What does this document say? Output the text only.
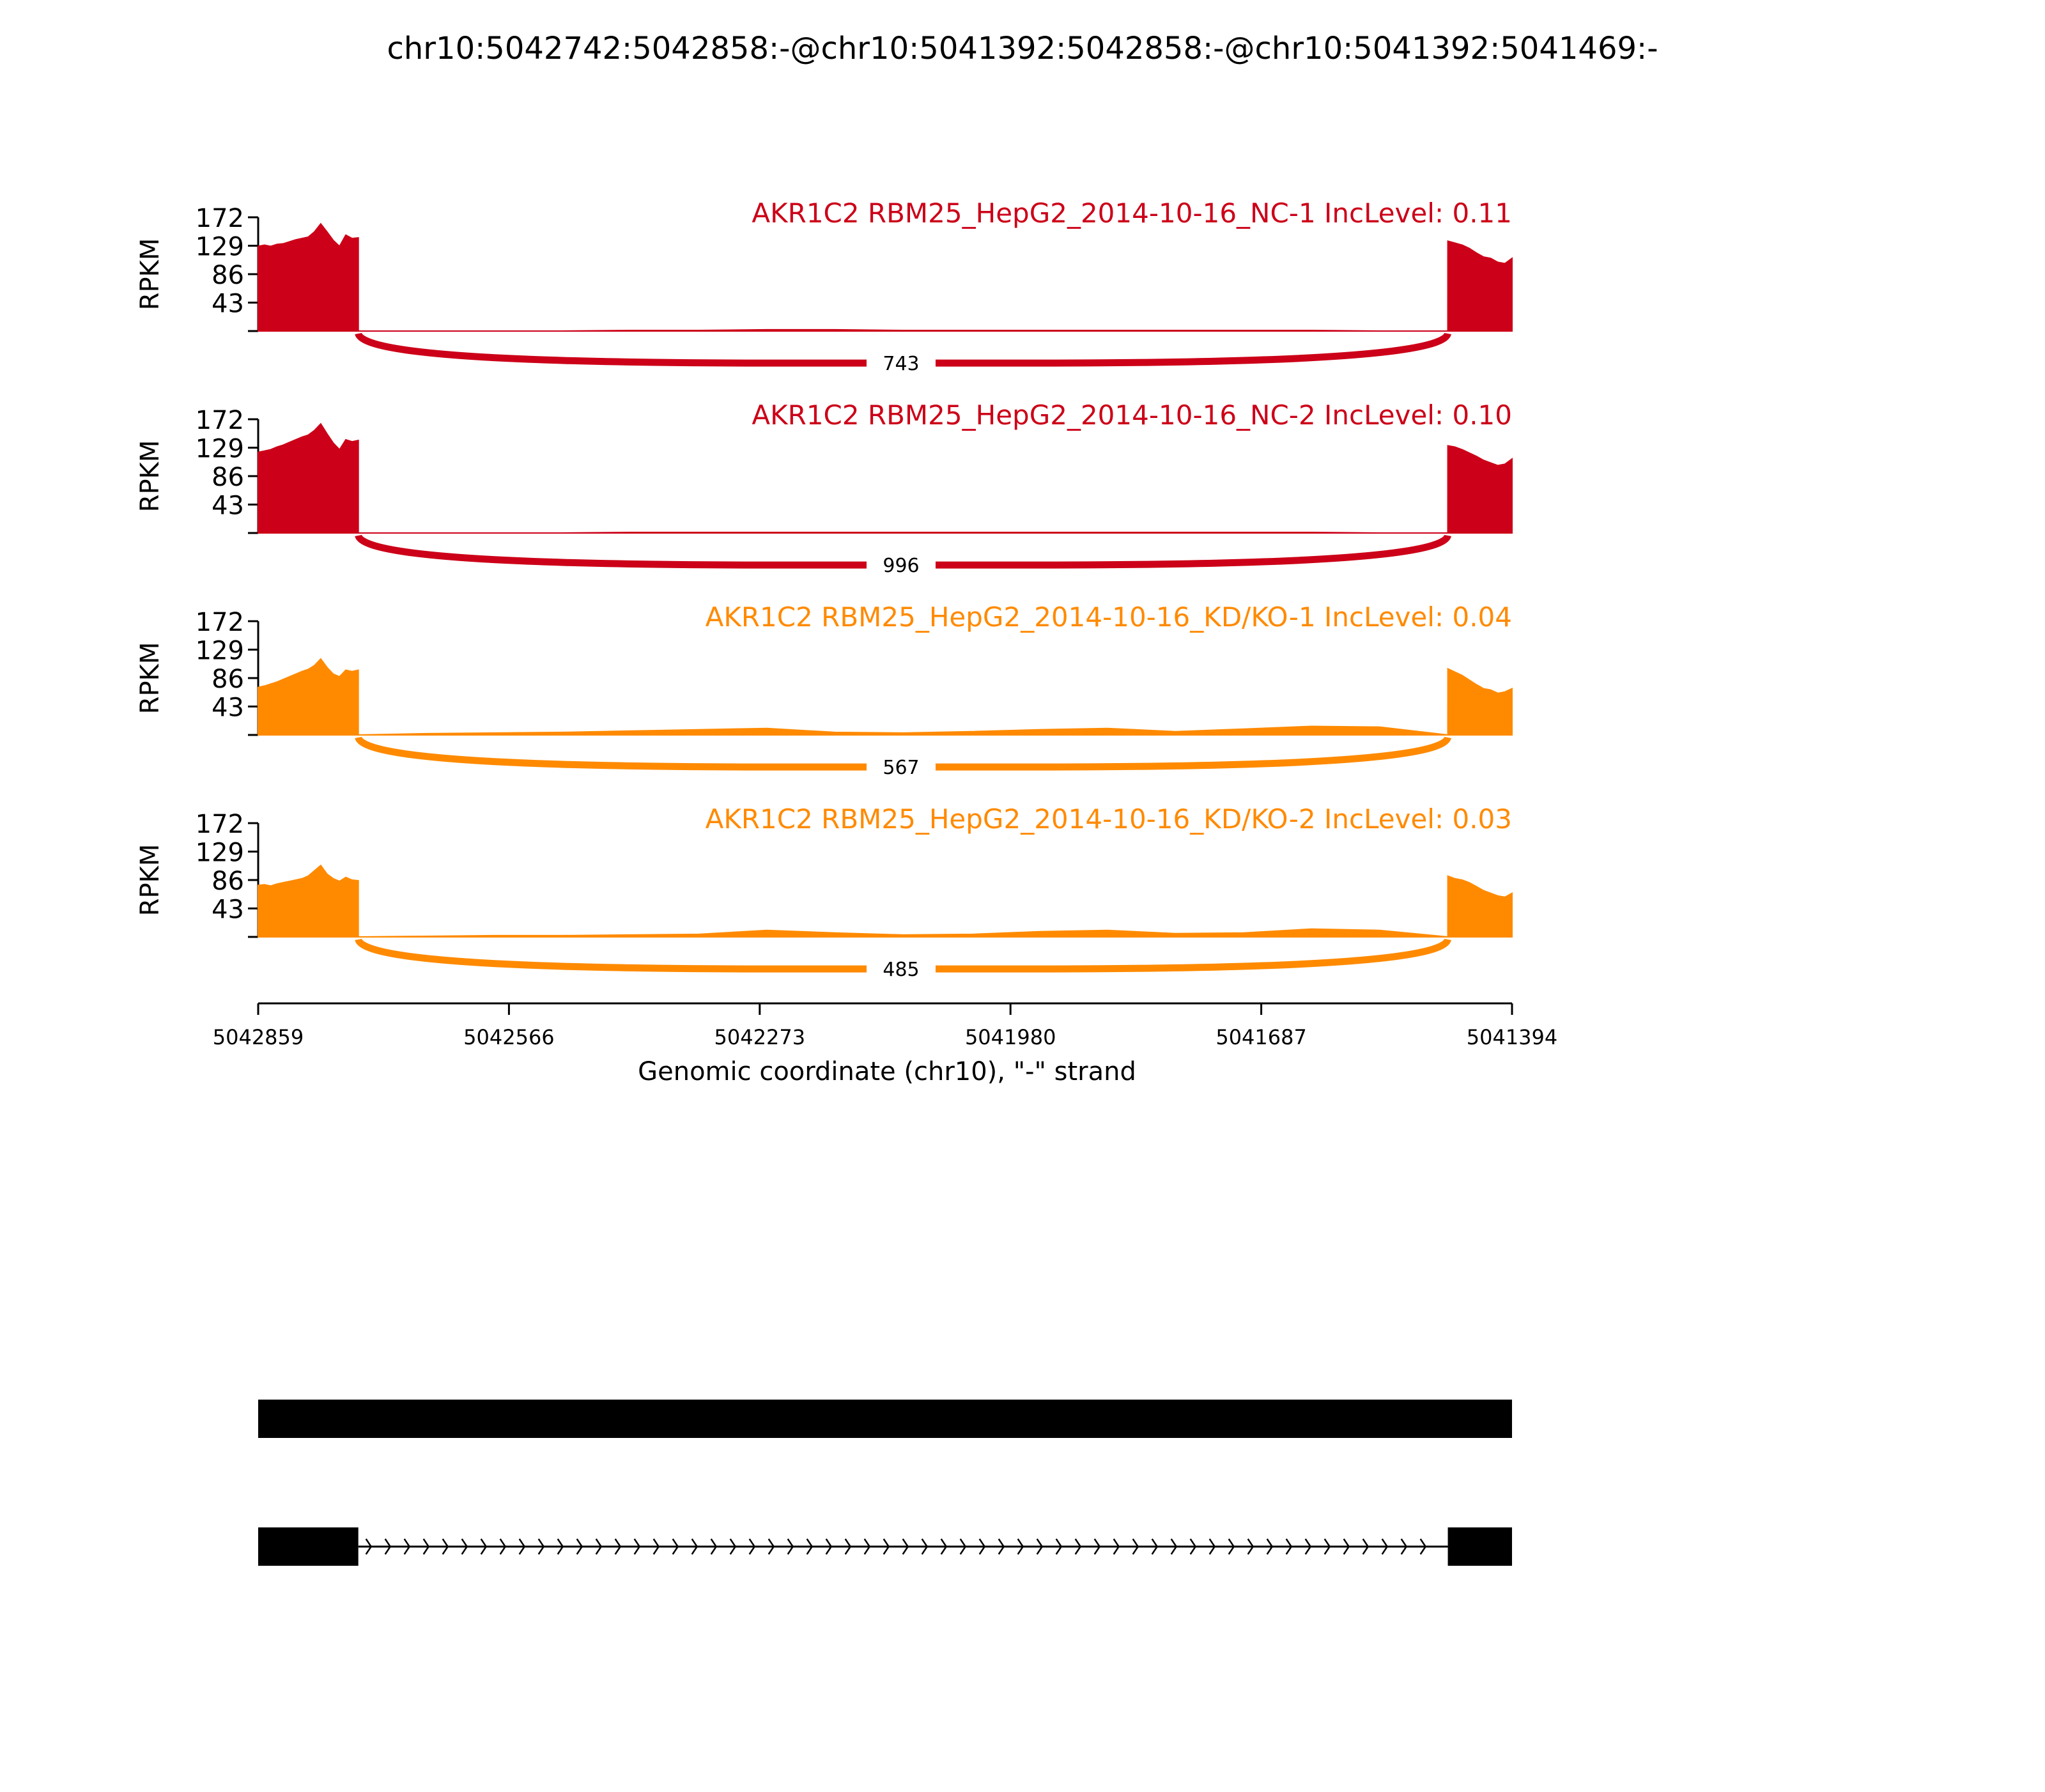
chr10:5042742:5042858:-@chr10:5041392:5042858:-@chr10:5041392:5041469:-
172
129
86
43
RPKM
743
AKR1C2 RBM25_HepG2_2014-10-16_NC-1 IncLevel: 0.11
172
129
86
43
RPKM
996
AKR1C2 RBM25_HepG2_2014-10-16_NC-2 IncLevel: 0.10
172
129
86
43
RPKM
567
AKR1C2 RBM25_HepG2_2014-10-16_KD/KO-1 IncLevel: 0.04
172
129
86
43
RPKM
485
AKR1C2 RBM25_HepG2_2014-10-16_KD/KO-2 IncLevel: 0.03
5042859	5042566	5042273	5041980	5041687	5041394
Genomic coordinate (chr10), "-" strand
